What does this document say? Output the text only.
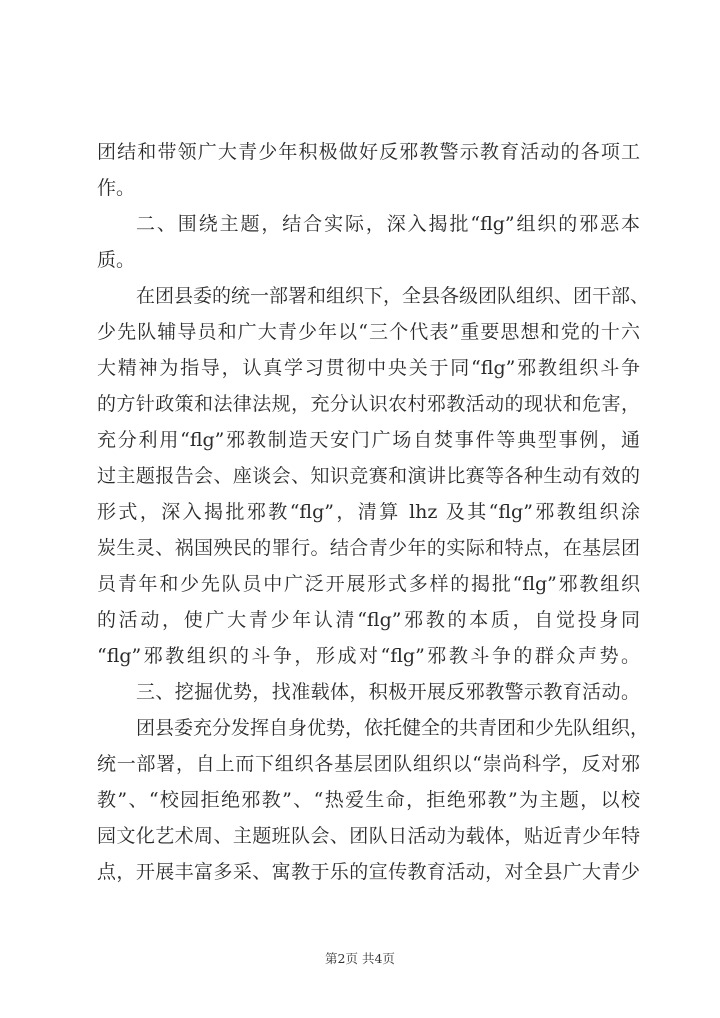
团结和带领广大青少年积极做好反邪教警示教育活动的各项工
作。
二、围绕主题，结合实际，深入揭批“flg”组织的邪恶本
质。
在团县委的统一部署和组织下，全县各级团队组织、团干部、
少先队辅导员和广大青少年以“三个代表”重要思想和党的十六
大精神为指导，认真学习贯彻中央关于同“flg”邪教组织斗争
的方针政策和法律法规，充分认识农村邪教活动的现状和危害，
充分利用“flg”邪教制造天安门广场自焚事件等典型事例，通
过主题报告会、座谈会、知识竞赛和演讲比赛等各种生动有效的
形式，深入揭批邪教“flg”，清算 lhz 及其“flg”邪教组织涂
炭生灵、祸国殃民的罪行。结合青少年的实际和特点，在基层团
员青年和少先队员中广泛开展形式多样的揭批“flg”邪教组织
的活动，使广大青少年认清“flg”邪教的本质，自觉投身同
“flg”邪教组织的斗争，形成对“flg”邪教斗争的群众声势。
三、挖掘优势，找准载体，积极开展反邪教警示教育活动。
团县委充分发挥自身优势，依托健全的共青团和少先队组织，
统一部署，自上而下组织各基层团队组织以“崇尚科学，反对邪
教”、“校园拒绝邪教”、“热爱生命，拒绝邪教”为主题，以校
园文化艺术周、主题班队会、团队日活动为载体，贴近青少年特
点，开展丰富多采、寓教于乐的宣传教育活动，对全县广大青少
第2页 共4页
